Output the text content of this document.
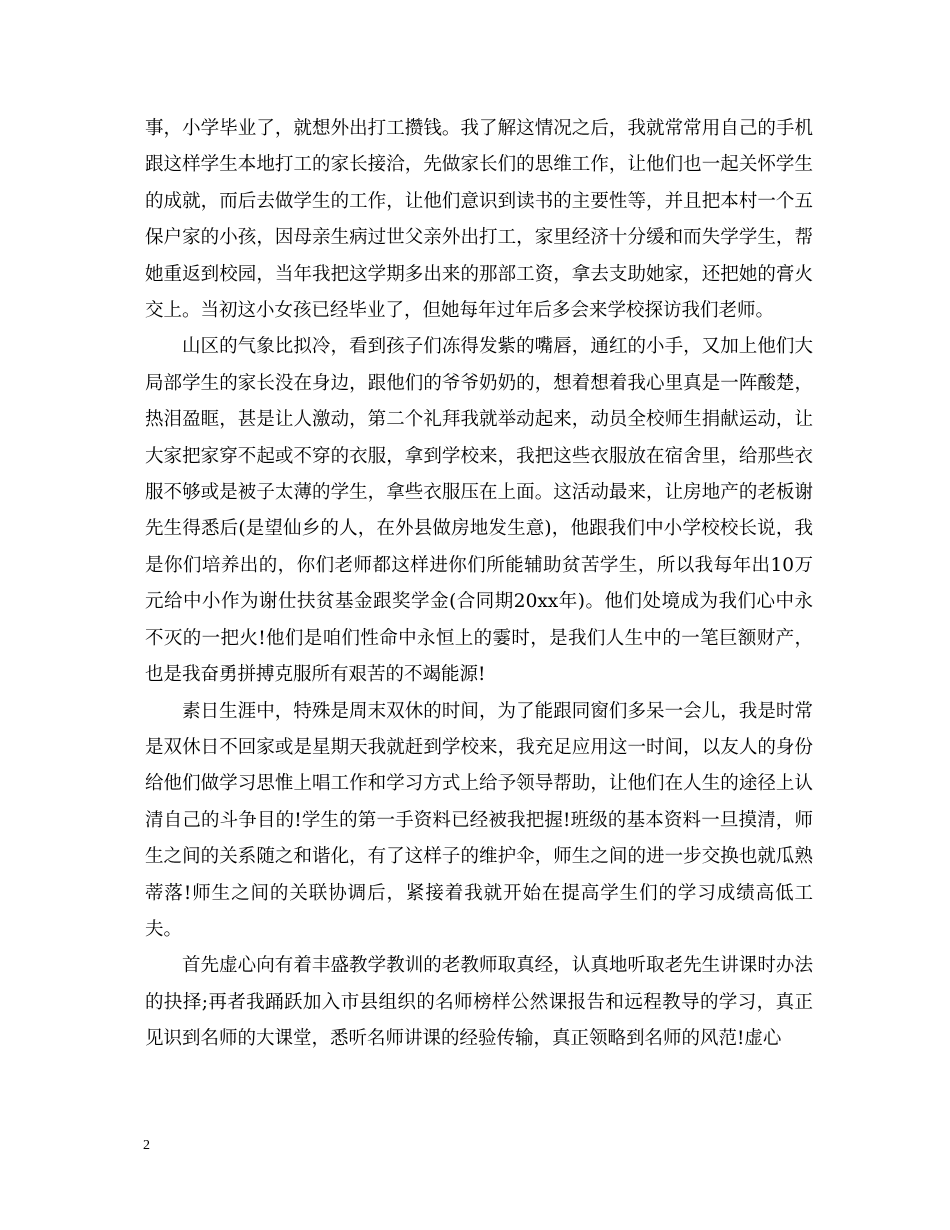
事，小学毕业了，就想外出打工攒钱。我了解这情况之后，我就常常用自己的手机跟这样学生本地打工的家长接洽，先做家长们的思维工作，让他们也一起关怀学生的成就，而后去做学生的工作，让他们意识到读书的主要性等，并且把本村一个五保户家的小孩，因母亲生病过世父亲外出打工，家里经济十分缓和而失学学生，帮她重返到校园，当年我把这学期多出来的那部工资，拿去支助她家，还把她的膏火交上。当初这小女孩已经毕业了，但她每年过年后多会来学校探访我们老师。

山区的气象比拟冷，看到孩子们冻得发紫的嘴唇，通红的小手，又加上他们大局部学生的家长没在身边，跟他们的爷爷奶奶的，想着想着我心里真是一阵酸楚，热泪盈眶，甚是让人激动，第二个礼拜我就举动起来，动员全校师生捐献运动，让大家把家穿不起或不穿的衣服，拿到学校来，我把这些衣服放在宿舍里，给那些衣服不够或是被子太薄的学生，拿些衣服压在上面。这活动最来，让房地产的老板谢先生得悉后(是望仙乡的人，在外县做房地发生意)，他跟我们中小学校校长说，我是你们培养出的，你们老师都这样进你们所能辅助贫苦学生，所以我每年出10万元给中小作为谢仕扶贫基金跟奖学金(合同期20xx年)。他们处境成为我们心中永不灭的一把火!他们是咱们性命中永恒上的霎时，是我们人生中的一笔巨额财产，也是我奋勇拼搏克服所有艰苦的不竭能源!

素日生涯中，特殊是周末双休的时间，为了能跟同窗们多呆一会儿，我是时常是双休日不回家或是星期天我就赶到学校来，我充足应用这一时间，以友人的身份给他们做学习思惟上唱工作和学习方式上给予领导帮助，让他们在人生的途径上认清自己的斗争目的!学生的第一手资料已经被我把握!班级的基本资料一旦摸清，师生之间的关系随之和谐化，有了这样子的维护伞，师生之间的进一步交换也就瓜熟蒂落!师生之间的关联协调后，紧接着我就开始在提高学生们的学习成绩高低工夫。

首先虚心向有着丰盛教学教训的老教师取真经，认真地听取老先生讲课时办法的抉择;再者我踊跃加入市县组织的名师榜样公然课报告和远程教导的学习，真正见识到名师的大课堂，悉听名师讲课的经验传输，真正领略到名师的风范!虚心

2
